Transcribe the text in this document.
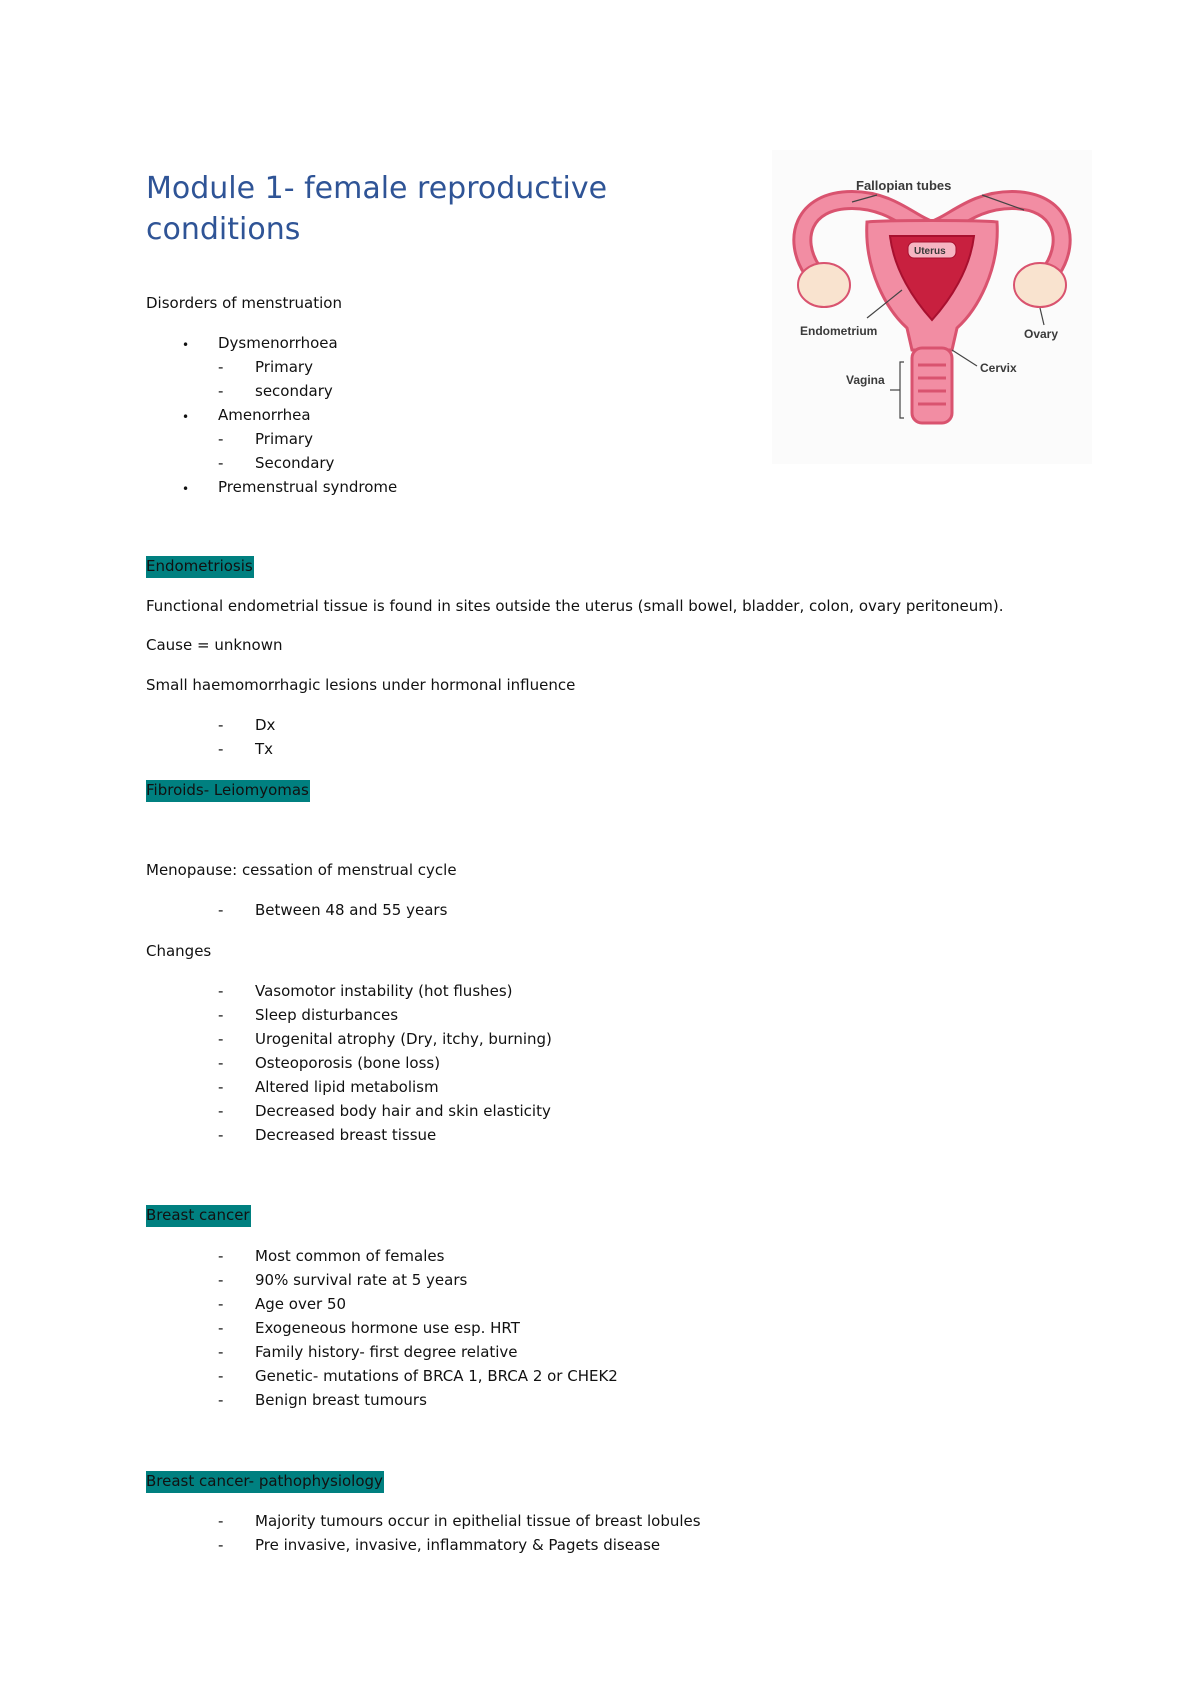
Module 1- female reproductive conditions
Disorders of menstruation
• Dysmenorrhoea
- Primary
- secondary
• Amenorrhea
- Primary
- Secondary
• Premenstrual syndrome
Fallopian tubes
Uterus
Endometrium	Ovary
Cervix
Vagina
Endometriosis
Functional endometrial tissue is found in sites outside the uterus (small bowel, bladder, colon, ovary peritoneum).
Cause = unknown
Small haemomorrhagic lesions under hormonal influence
- Dx
- Tx
Fibroids- Leiomyomas
Menopause: cessation of menstrual cycle
- Between 48 and 55 years
Changes
- Vasomotor instability (hot flushes)
- Sleep disturbances
- Urogenital atrophy (Dry, itchy, burning)
- Osteoporosis (bone loss)
- Altered lipid metabolism
- Decreased body hair and skin elasticity
- Decreased breast tissue
Breast cancer
- Most common of females
- 90% survival rate at 5 years
- Age over 50
- Exogeneous hormone use esp. HRT
- Family history- first degree relative
- Genetic- mutations of BRCA 1, BRCA 2 or CHEK2
- Benign breast tumours
Breast cancer- pathophysiology
- Majority tumours occur in epithelial tissue of breast lobules
- Pre invasive, invasive, inflammatory & Pagets disease
